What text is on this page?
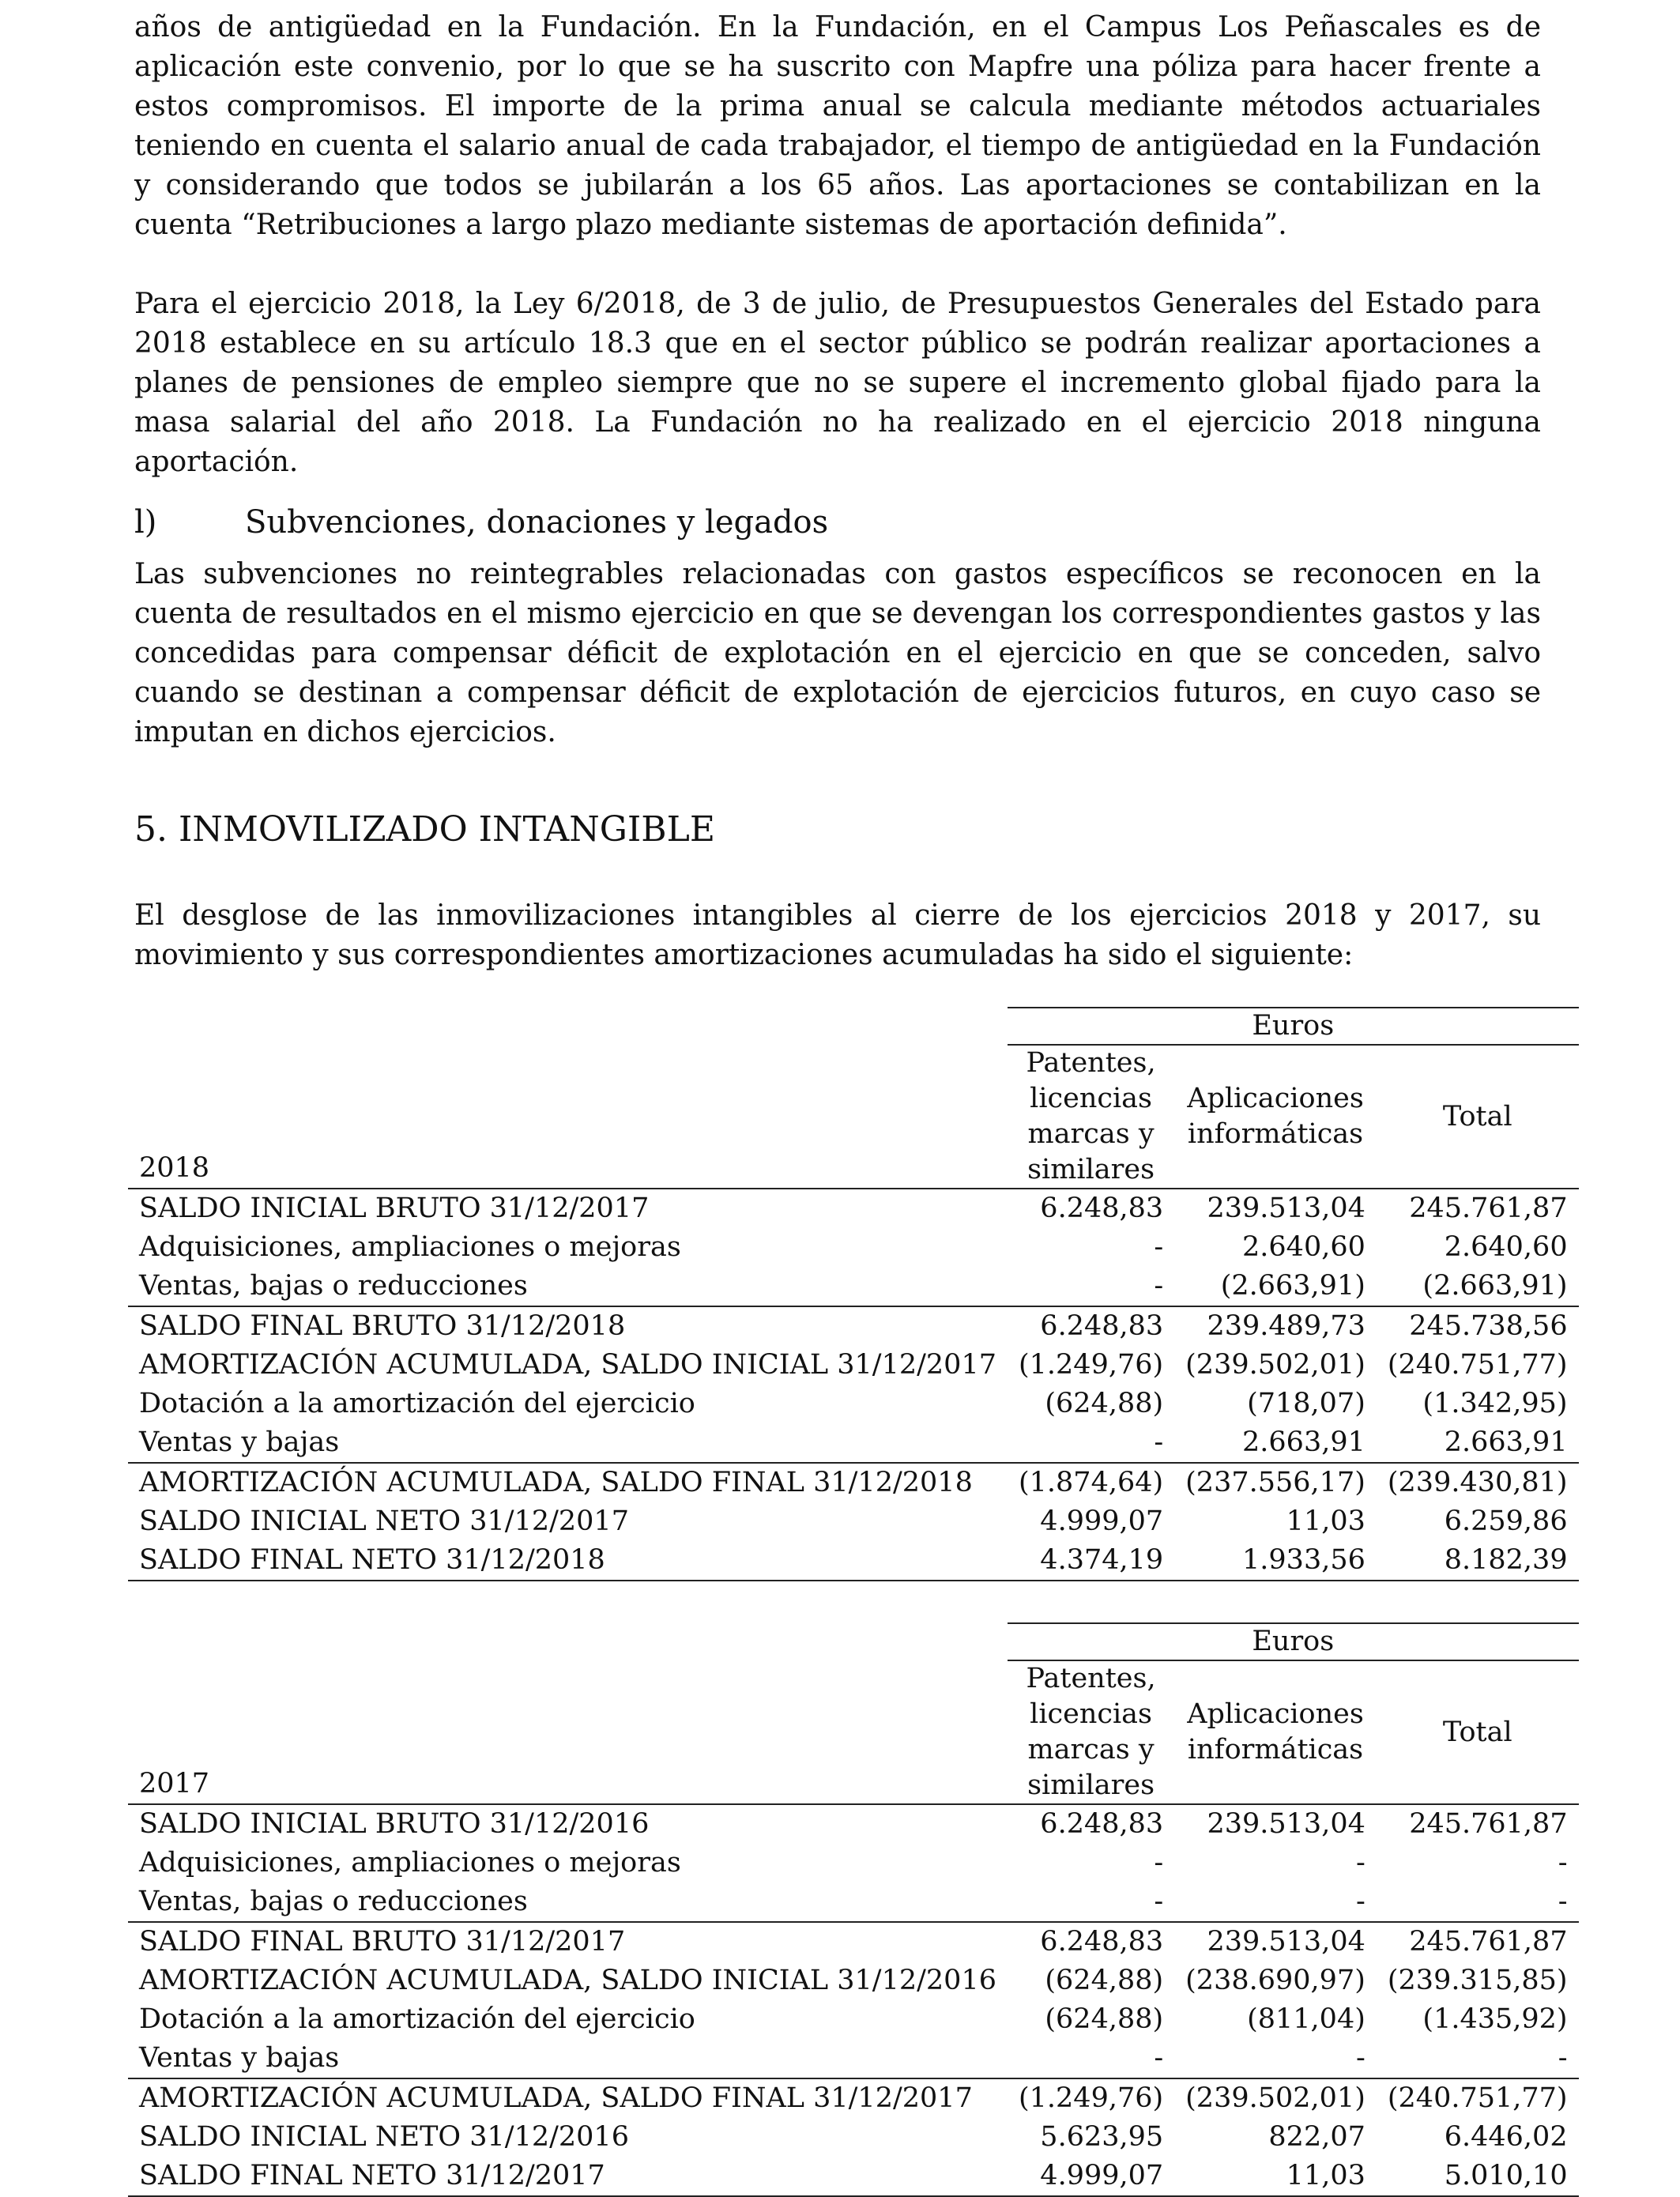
años de antigüedad en la Fundación. En la Fundación, en el Campus Los Peñascales es de aplicación este convenio, por lo que se ha suscrito con Mapfre una póliza para hacer frente a estos compromisos. El importe de la prima anual se calcula mediante métodos actuariales teniendo en cuenta el salario anual de cada trabajador, el tiempo de antigüedad en la Fundación y considerando que todos se jubilarán a los 65 años. Las aportaciones se contabilizan en la cuenta “Retribuciones a largo plazo mediante sistemas de aportación definida”.

Para el ejercicio 2018, la Ley 6/2018, de 3 de julio, de Presupuestos Generales del Estado para 2018 establece en su artículo 18.3 que en el sector público se podrán realizar aportaciones a planes de pensiones de empleo siempre que no se supere el incremento global fijado para la masa salarial del año 2018. La Fundación no ha realizado en el ejercicio 2018 ninguna aportación.

l)	Subvenciones, donaciones y legados

Las subvenciones no reintegrables relacionadas con gastos específicos se reconocen en la cuenta de resultados en el mismo ejercicio en que se devengan los correspondientes gastos y las concedidas para compensar déficit de explotación en el ejercicio en que se conceden, salvo cuando se destinan a compensar déficit de explotación de ejercicios futuros, en cuyo caso se imputan en dichos ejercicios.

5. INMOVILIZADO INTANGIBLE

El desglose de las inmovilizaciones intangibles al cierre de los ejercicios 2018 y 2017, su movimiento y sus correspondientes amortizaciones acumuladas ha sido el siguiente:

	Euros		
2018	Patentes, licencias marcas y similares	Aplicaciones informáticas	Total
SALDO INICIAL BRUTO 31/12/2017	6.248,83	239.513,04	245.761,87
Adquisiciones, ampliaciones o mejoras	-	2.640,60	2.640,60
Ventas, bajas o reducciones	-	(2.663,91)	(2.663,91)
SALDO FINAL BRUTO 31/12/2018	6.248,83	239.489,73	245.738,56
AMORTIZACIÓN ACUMULADA, SALDO INICIAL 31/12/2017	(1.249,76)	(239.502,01)	(240.751,77)
Dotación a la amortización del ejercicio	(624,88)	(718,07)	(1.342,95)
Ventas y bajas	-	2.663,91	2.663,91
AMORTIZACIÓN ACUMULADA, SALDO FINAL 31/12/2018	(1.874,64)	(237.556,17)	(239.430,81)
SALDO INICIAL NETO 31/12/2017	4.999,07	11,03	6.259,86
SALDO FINAL NETO 31/12/2018	4.374,19	1.933,56	8.182,39
	Euros		
2017	Patentes, licencias marcas y similares	Aplicaciones informáticas	Total
SALDO INICIAL BRUTO 31/12/2016	6.248,83	239.513,04	245.761,87
Adquisiciones, ampliaciones o mejoras	-	-	-
Ventas, bajas o reducciones	-	-	-
SALDO FINAL BRUTO 31/12/2017	6.248,83	239.513,04	245.761,87
AMORTIZACIÓN ACUMULADA, SALDO INICIAL 31/12/2016	(624,88)	(238.690,97)	(239.315,85)
Dotación a la amortización del ejercicio	(624,88)	(811,04)	(1.435,92)
Ventas y bajas	-	-	-
AMORTIZACIÓN ACUMULADA, SALDO FINAL 31/12/2017	(1.249,76)	(239.502,01)	(240.751,77)
SALDO INICIAL NETO 31/12/2016	5.623,95	822,07	6.446,02
SALDO FINAL NETO 31/12/2017	4.999,07	11,03	5.010,10
